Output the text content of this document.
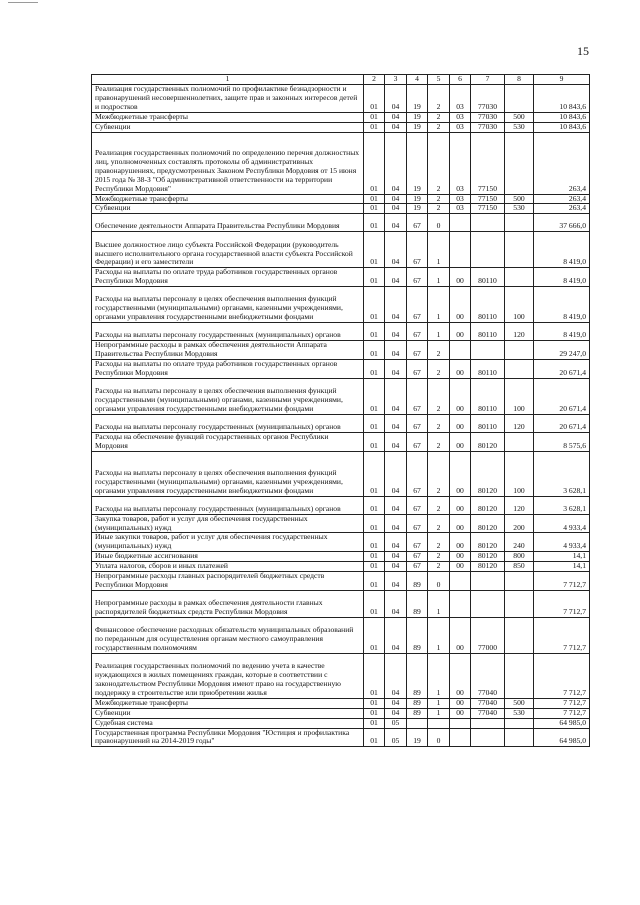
15
1	2	3	4	5	6	7	8	9
Реализация государственных полномочий по профилактике безнадзорности и правонарушений несовершеннолетних, защите прав и законных интересов детей и подростков	01	04	19	2	03	77030		10 843,6
Межбюджетные трансферты	01	04	19	2	03	77030	500	10 843,6
Субвенции	01	04	19	2	03	77030	530	10 843,6
Реализация государственных полномочий по определению перечня должностных лиц, уполномоченных составлять протоколы об административных правонарушениях, предусмотренных Законом Республики Мордовия от 15 июня 2015 года № 38-З "Об административной ответственности на территории Республики Мордовия"	01	04	19	2	03	77150		263,4
Межбюджетные трансферты	01	04	19	2	03	77150	500	263,4
Субвенции	01	04	19	2	03	77150	530	263,4
Обеспечение деятельности Аппарата Правительства Республики Мордовия	01	04	67	0				37 666,0
Высшее должностное лицо субъекта Российской Федерации (руководитель высшего исполнительного органа государственной власти субъекта Российской Федерации) и его заместители	01	04	67	1				8 419,0
Расходы на выплаты по оплате труда работников государственных органов Республики Мордовия	01	04	67	1	00	80110		8 419,0
Расходы на выплаты персоналу в целях обеспечения выполнения функций государственными (муниципальными) органами, казенными учреждениями, органами управления государственными внебюджетными фондами	01	04	67	1	00	80110	100	8 419,0
Расходы на выплаты персоналу государственных (муниципальных) органов	01	04	67	1	00	80110	120	8 419,0
Непрограммные расходы в рамках обеспечения деятельности Аппарата Правительства Республики Мордовия	01	04	67	2				29 247,0
Расходы на выплаты по оплате труда работников государственных органов Республики Мордовия	01	04	67	2	00	80110		20 671,4
Расходы на выплаты персоналу в целях обеспечения выполнения функций государственными (муниципальными) органами, казенными учреждениями, органами управления государственными внебюджетными фондами	01	04	67	2	00	80110	100	20 671,4
Расходы на выплаты персоналу государственных (муниципальных) органов	01	04	67	2	00	80110	120	20 671,4
Расходы на обеспечение функций государственных органов Республики Мордовия	01	04	67	2	00	80120		8 575,6
Расходы на выплаты персоналу в целях обеспечения выполнения функций государственными (муниципальными) органами, казенными учреждениями, органами управления государственными внебюджетными фондами	01	04	67	2	00	80120	100	3 628,1
Расходы на выплаты персоналу государственных (муниципальных) органов	01	04	67	2	00	80120	120	3 628,1
Закупка товаров, работ и услуг для обеспечения государственных (муниципальных) нужд	01	04	67	2	00	80120	200	4 933,4
Иные закупки товаров, работ и услуг для обеспечения государственных (муниципальных) нужд	01	04	67	2	00	80120	240	4 933,4
Иные бюджетные ассигнования	01	04	67	2	00	80120	800	14,1
Уплата налогов, сборов и иных платежей	01	04	67	2	00	80120	850	14,1
Непрограммные расходы главных распорядителей бюджетных средств Республики Мордовия	01	04	89	0				7 712,7
Непрограммные расходы в рамках обеспечения деятельности главных распорядителей бюджетных средств Республики Мордовия	01	04	89	1				7 712,7
Финансовое обеспечение расходных обязательств муниципальных образований по переданным для осуществления органам местного самоуправления государственным полномочиям	01	04	89	1	00	77000		7 712,7
Реализация государственных полномочий по ведению учета в качестве нуждающихся в жилых помещениях граждан, которые в соответствии с законодательством Республики Мордовия имеют право на государственную поддержку в строительстве или приобретении жилья	01	04	89	1	00	77040		7 712,7
Межбюджетные трансферты	01	04	89	1	00	77040	500	7 712,7
Субвенции	01	04	89	1	00	77040	530	7 712,7
Судебная система	01	05						64 985,0
Государственная программа Республики Мордовия "Юстиция и профилактика правонарушений на 2014-2019 годы"	01	05	19	0				64 985,0
